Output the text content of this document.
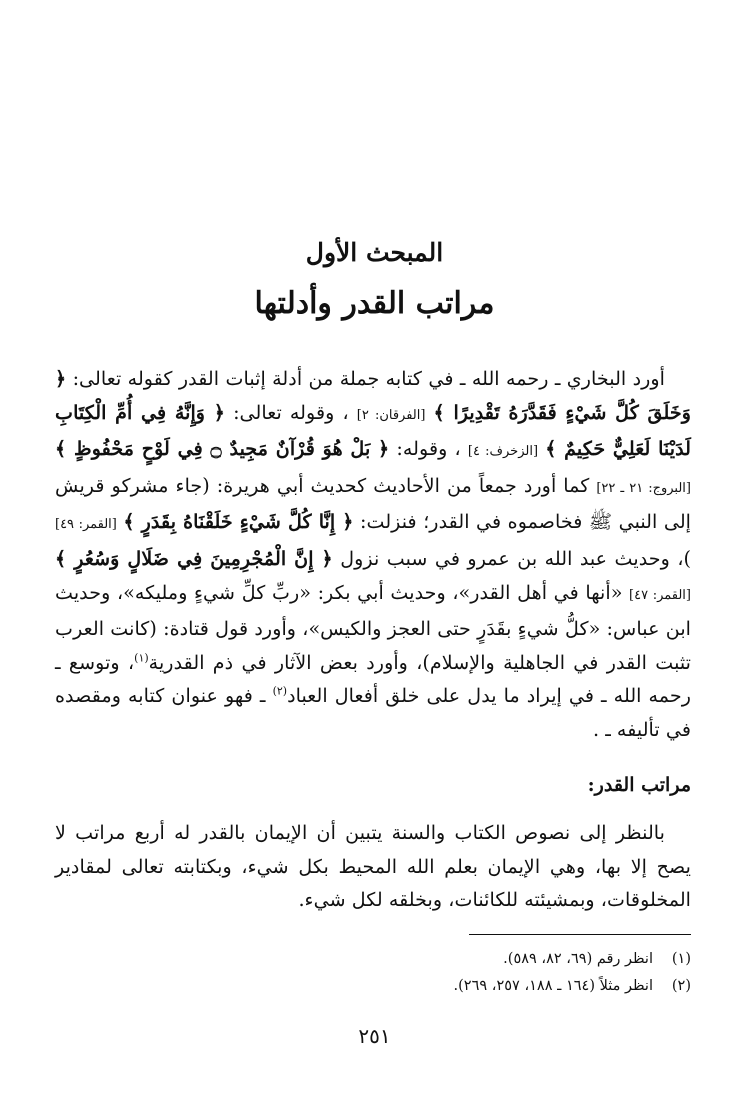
المبحث الأول
مراتب القدر وأدلتها

أورد البخاري ـ رحمه الله ـ في كتابه جملة من أدلة إثبات القدر كقوله تعالى: ﴿ وَخَلَقَ كُلَّ شَيْءٍ فَقَدَّرَهُ تَقْدِيرًا ﴾ [الفرقان: ٢] ، وقوله تعالى: ﴿ وَإِنَّهُ فِي أُمِّ الْكِتَابِ لَدَيْنَا لَعَلِيٌّ حَكِيمٌ ﴾ [الزخرف: ٤] ، وقوله: ﴿ بَلْ هُوَ قُرْآنٌ مَجِيدٌ ۝ فِي لَوْحٍ مَحْفُوظٍ ﴾ [البروج: ٢١ ـ ٢٢] كما أورد جمعاً من الأحاديث كحديث أبي هريرة: (جاء مشركو قريش إلى النبي ﷺ فخاصموه في القدر؛ فنزلت: ﴿ إِنَّا كُلَّ شَيْءٍ خَلَقْنَاهُ بِقَدَرٍ ﴾ [القمر: ٤٩] )، وحديث عبد الله بن عمرو في سبب نزول ﴿ إِنَّ الْمُجْرِمِينَ فِي ضَلَالٍ وَسُعُرٍ ﴾ [القمر: ٤٧] «أنها في أهل القدر»، وحديث أبي بكر: «ربِّ كلِّ شيءٍ ومليكه»، وحديث ابن عباس: «كلُّ شيءٍ بقَدَرٍ حتى العجز والكيس»، وأورد قول قتادة: (كانت العرب تثبت القدر في الجاهلية والإسلام)، وأورد بعض الآثار في ذم القدرية$^{(١)}$، وتوسع ـ رحمه الله ـ في إيراد ما يدل على خلق أفعال العباد$^{(٢)}$ ـ فهو عنوان كتابه ومقصده في تأليفه ـ .

مراتب القدر:

بالنظر إلى نصوص الكتاب والسنة يتبين أن الإيمان بالقدر له أربع مراتب لا يصح إلا بها، وهي الإيمان بعلم الله المحيط بكل شيء، وبكتابته تعالى لمقادير المخلوقات، وبمشيئته للكائنات، وبخلقه لكل شيء.

(١)انظر رقم (٦٩، ٨٢، ٥٨٩).
(٢)انظر مثلاً (١٦٤ ـ ١٨٨، ٢٥٧، ٢٦٩).
٢٥١
